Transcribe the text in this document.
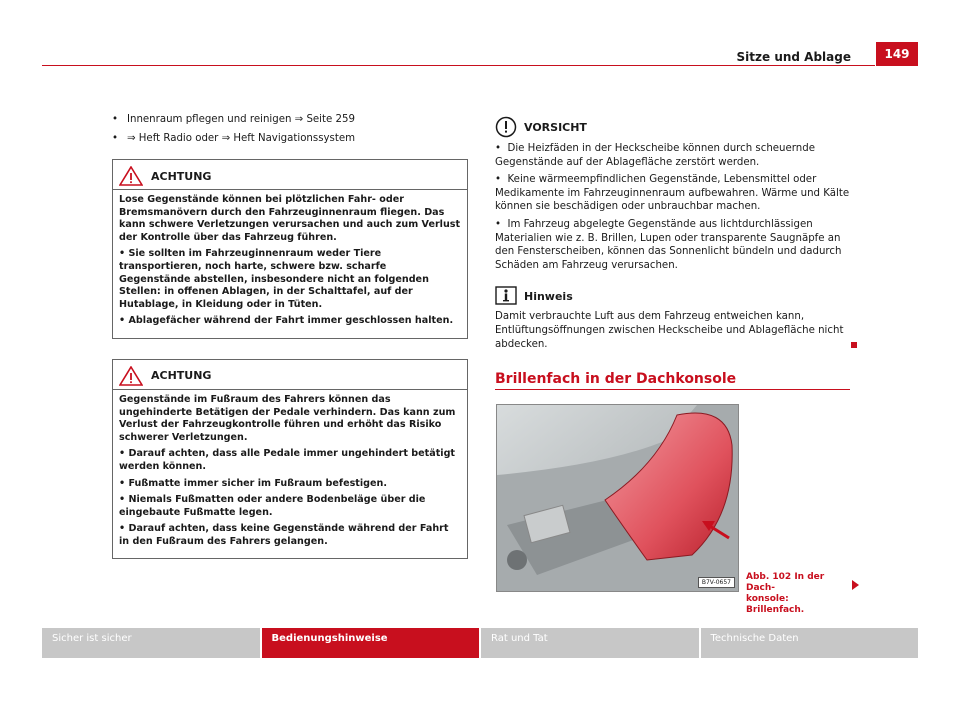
Sitze und Ablage	149
• Innenraum pflegen und reinigen ⇒ Seite 259
• ⇒ Heft Radio oder ⇒ Heft Navigationssystem
ACHTUNG

Lose Gegenstände können bei plötzlichen Fahr- oder Bremsmanövern durch den Fahrzeuginnenraum fliegen. Das kann schwere Verletzungen verursachen und auch zum Verlust der Kontrolle über das Fahrzeug führen.

• Sie sollten im Fahrzeuginnenraum weder Tiere transportieren, noch harte, schwere bzw. scharfe Gegenstände abstellen, insbesondere nicht an folgenden Stellen: in offenen Ablagen, in der Schalttafel, auf der Hutablage, in Kleidung oder in Tüten.

• Ablagefächer während der Fahrt immer geschlossen halten.

ACHTUNG

Gegenstände im Fußraum des Fahrers können das ungehinderte Betätigen der Pedale verhindern. Das kann zum Verlust der Fahrzeugkontrolle führen und erhöht das Risiko schwerer Verletzungen.

• Darauf achten, dass alle Pedale immer ungehindert betätigt werden können.

• Fußmatte immer sicher im Fußraum befestigen.

• Niemals Fußmatten oder andere Bodenbeläge über die eingebaute Fußmatte legen.

• Darauf achten, dass keine Gegenstände während der Fahrt in den Fußraum des Fahrers gelangen.

VORSICHT

•  Die Heizfäden in der Heckscheibe können durch scheuernde Gegenstände auf der Ablagefläche zerstört werden.

•  Keine wärmeempfindlichen Gegenstände, Lebensmittel oder Medikamente im Fahrzeuginnenraum aufbewahren. Wärme und Kälte können sie beschädigen oder unbrauchbar machen.

•  Im Fahrzeug abgelegte Gegenstände aus lichtdurchlässigen Materialien wie z. B. Brillen, Lupen oder transparente Saugnäpfe an den Fensterscheiben, können das Sonnenlicht bündeln und dadurch Schäden am Fahrzeug verursachen.

Hinweis

Damit verbrauchte Luft aus dem Fahrzeug entweichen kann, Entlüftungsöffnungen zwischen Heckscheibe und Ablagefläche nicht abdecken.

Brillenfach in der Dachkonsole
B7V-0657
Abb. 102 In der Dach-
konsole: Brillenfach.
Sicher ist sicher	Bedienungshinweise	Rat und Tat	Technische Daten
